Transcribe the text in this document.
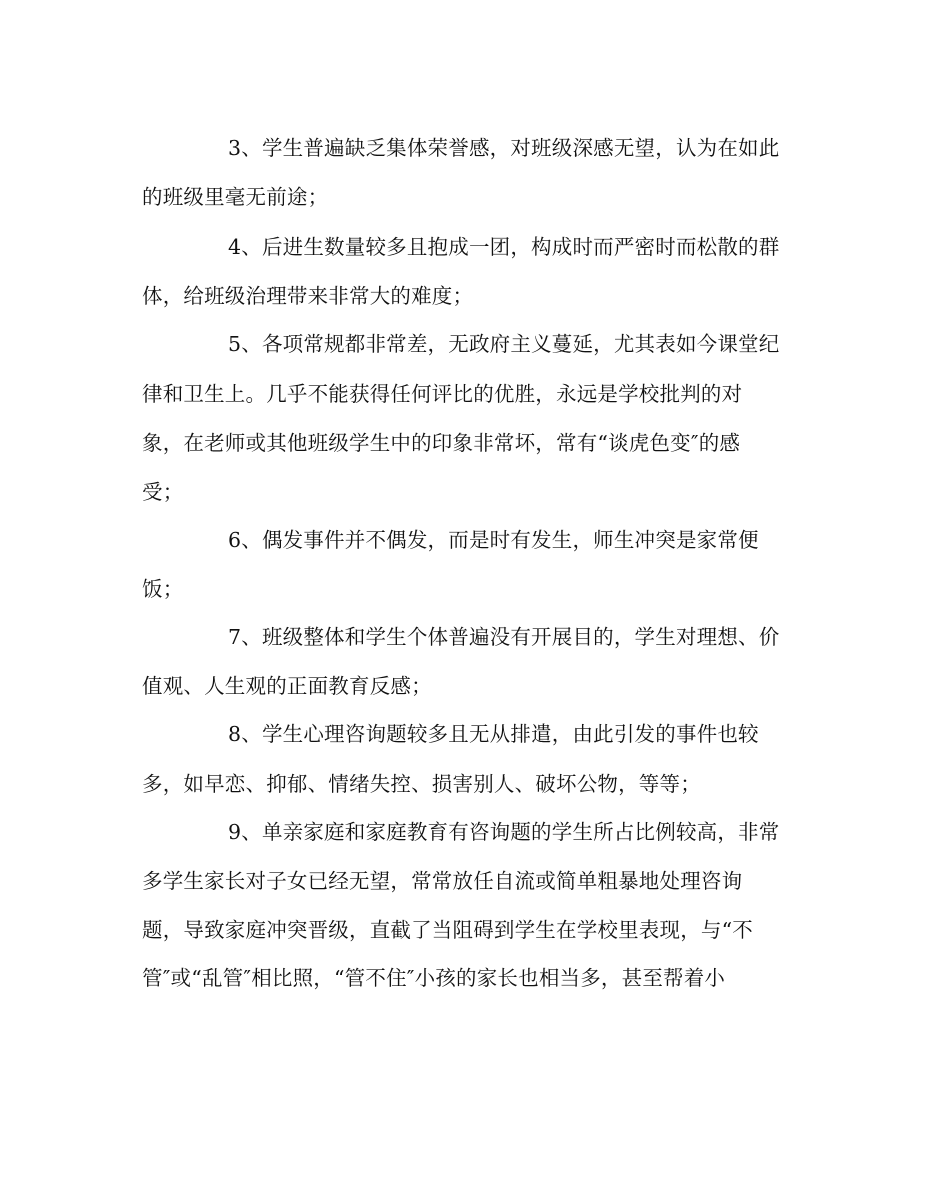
3、学生普遍缺乏集体荣誉感，对班级深感无望，认为在如此
的班级里毫无前途；
4、后进生数量较多且抱成一团，构成时而严密时而松散的群
体，给班级治理带来非常大的难度；
5、各项常规都非常差，无政府主义蔓延，尤其表如今课堂纪
律和卫生上。几乎不能获得任何评比的优胜，永远是学校批判的对
象，在老师或其他班级学生中的印象非常坏，常有“谈虎色变″的感
受；
6、偶发事件并不偶发，而是时有发生，师生冲突是家常便
饭；
7、班级整体和学生个体普遍没有开展目的，学生对理想、价
值观、人生观的正面教育反感；
8、学生心理咨询题较多且无从排遣，由此引发的事件也较
多，如早恋、抑郁、情绪失控、损害别人、破坏公物，等等；
9、单亲家庭和家庭教育有咨询题的学生所占比例较高，非常
多学生家长对子女已经无望，常常放任自流或简单粗暴地处理咨询
题，导致家庭冲突晋级，直截了当阻碍到学生在学校里表现，与“不
管″或“乱管″相比照，“管不住″小孩的家长也相当多，甚至帮着小
